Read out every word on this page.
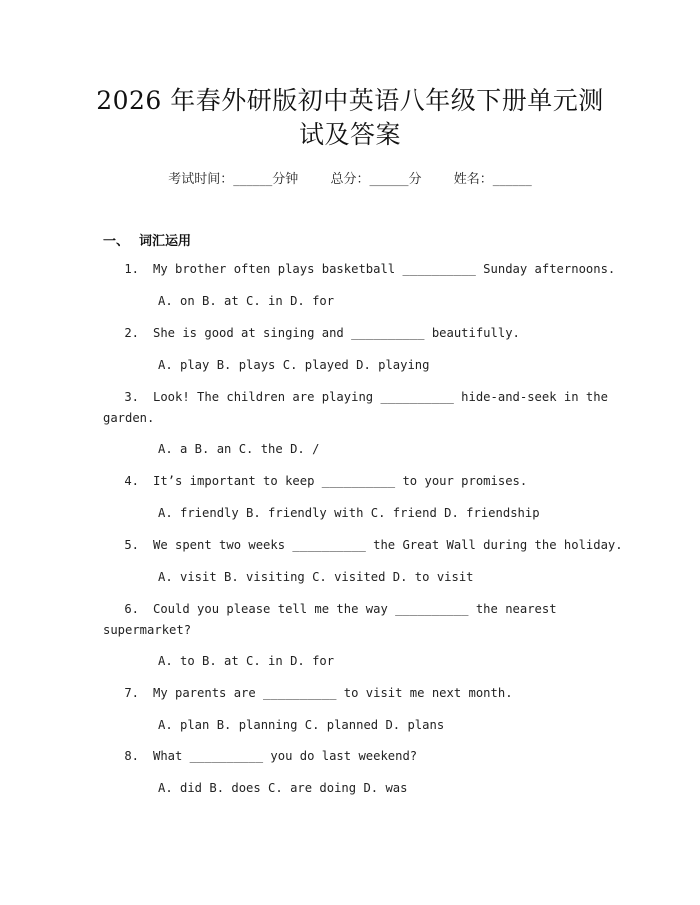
2026 年春外研版初中英语八年级下册单元测
试及答案
考试时间：______分钟 总分：______分 姓名：______
一、 词汇运用
1. My brother often plays basketball __________ Sunday afternoons.
A. on B. at C. in D. for
2. She is good at singing and __________ beautifully.
A. play B. plays C. played D. playing
3. Look! The children are playing __________ hide-and-seek in the
garden.
A. a B. an C. the D. /
4. It’s important to keep __________ to your promises.
A. friendly B. friendly with C. friend D. friendship
5. We spent two weeks __________ the Great Wall during the holiday.
A. visit B. visiting C. visited D. to visit
6. Could you please tell me the way __________ the nearest
supermarket?
A. to B. at C. in D. for
7. My parents are __________ to visit me next month.
A. plan B. planning C. planned D. plans
8. What __________ you do last weekend?
A. did B. does C. are doing D. was
